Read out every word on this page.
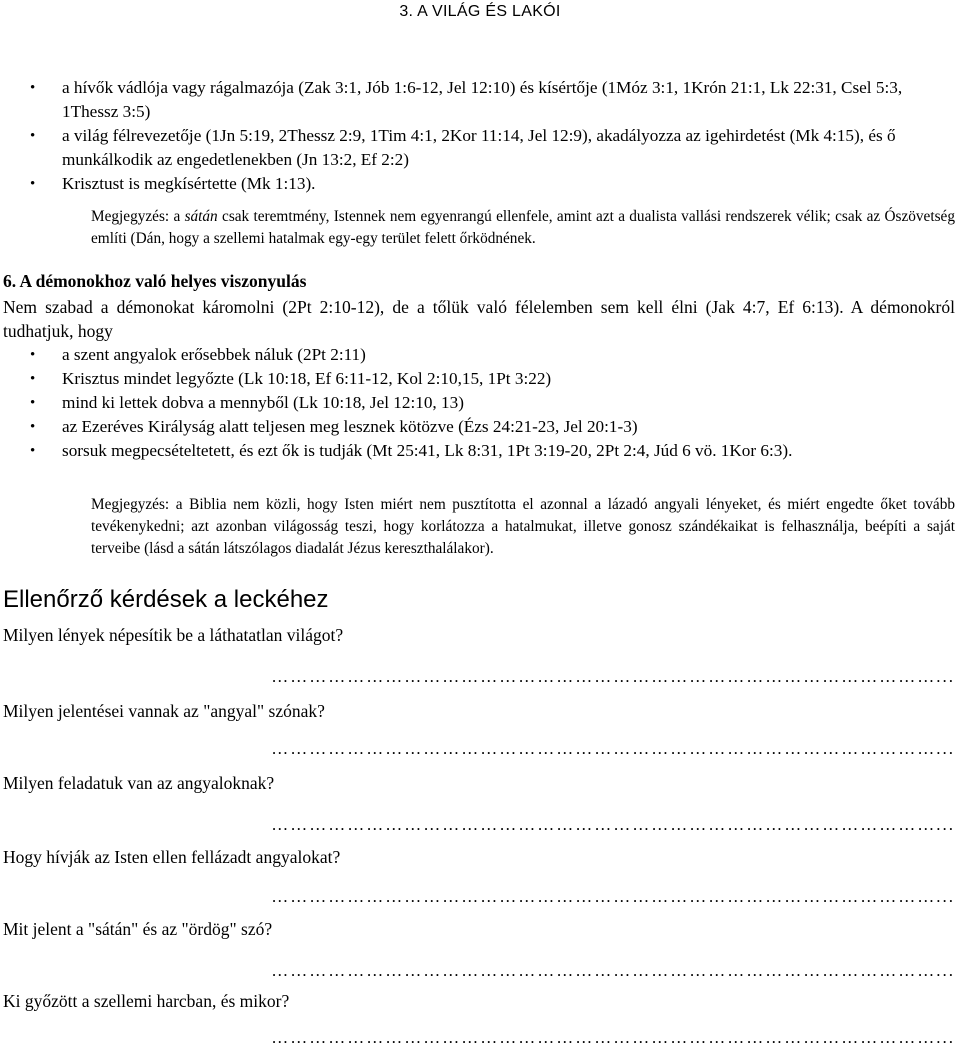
3. A VILÁG ÉS LAKÓI
• a hívők vádlója vagy rágalmazója (Zak 3:1, Jób 1:6-12, Jel 12:10) és kísértője (1Móz 3:1, 1Krón 21:1, Lk 22:31, Csel 5:3, 1Thessz 3:5)
• a világ félrevezetője (1Jn 5:19, 2Thessz 2:9, 1Tim 4:1, 2Kor 11:14, Jel 12:9), akadályozza az igehirdetést (Mk 4:15), és ő munkálkodik az engedetlenekben (Jn 13:2, Ef 2:2)
• Krisztust is megkísértette (Mk 1:13).
Megjegyzés: a sátán csak teremtmény, Istennek nem egyenrangú ellenfele, amint azt a dualista vallási rendszerek vélik; csak az Ószövetség említi (Dán, hogy a szellemi hatalmak egy-egy terület felett őrködnének.
6. A démonokhoz való helyes viszonyulás
Nem szabad a démonokat káromolni (2Pt 2:10-12), de a tőlük való félelemben sem kell élni (Jak 4:7, Ef 6:13). A démonokról tudhatjuk, hogy
• a szent angyalok erősebbek náluk (2Pt 2:11)
• Krisztus mindet legyőzte (Lk 10:18, Ef 6:11-12, Kol 2:10,15, 1Pt 3:22)
• mind ki lettek dobva a mennyből (Lk 10:18, Jel 12:10, 13)
• az Ezeréves Királyság alatt teljesen meg lesznek kötözve (Ézs 24:21-23, Jel 20:1-3)
• sorsuk megpecsételtetett, és ezt ők is tudják (Mt 25:41, Lk 8:31, 1Pt 3:19-20, 2Pt 2:4, Júd 6 vö. 1Kor 6:3).
Megjegyzés: a Biblia nem közli, hogy Isten miért nem pusztította el azonnal a lázadó angyali lényeket, és miért engedte őket tovább tevékenykedni; azt azonban világosság teszi, hogy korlátozza a hatalmukat, illetve gonosz szándékaikat is felhasználja, beépíti a saját terveibe (lásd a sátán látszólagos diadalát Jézus kereszthalálakor).
Ellenőrző kérdések a leckéhez
Milyen lények népesítik be a láthatatlan világot?
……………………………………………………………………………………………...
Milyen jelentései vannak az "angyal" szónak?
……………………………………………………………………………………………...
Milyen feladatuk van az angyaloknak?
……………………………………………………………………………………………...
Hogy hívják az Isten ellen fellázadt angyalokat?
……………………………………………………………………………………………...
Mit jelent a "sátán" és az "ördög" szó?
……………………………………………………………………………………………...
Ki győzött a szellemi harcban, és mikor?
……………………………………………………………………………………………...
